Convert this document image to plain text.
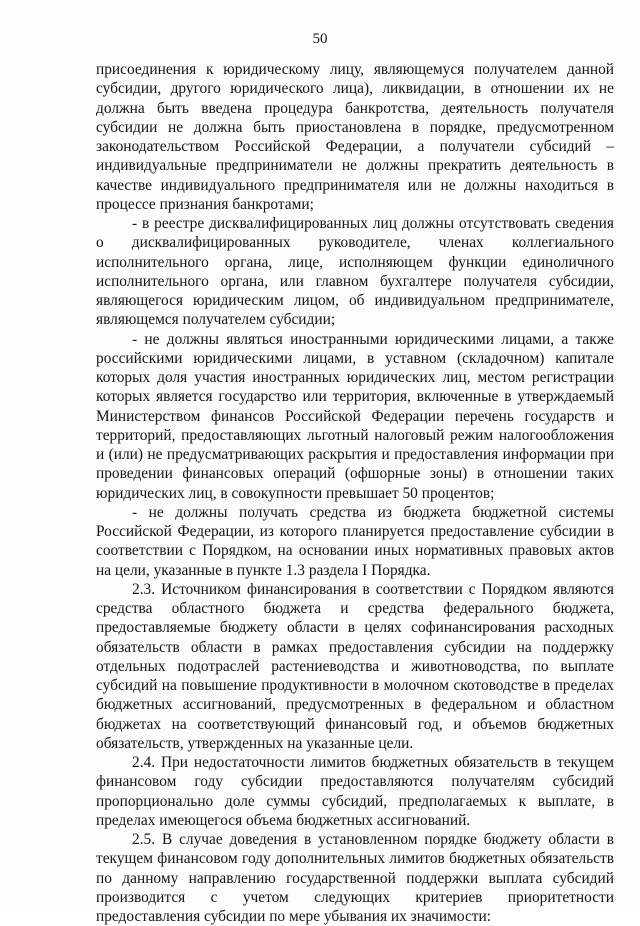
50

присоединения к юридическому лицу, являющемуся получателем данной субсидии, другого юридического лица), ликвидации, в отношении их не должна быть введена процедура банкротства, деятельность получателя субсидии не должна быть приостановлена в порядке, предусмотренном законодательством Российской Федерации, а получатели субсидий – индивидуальные предприниматели не должны прекратить деятельность в качестве индивидуального предпринимателя или не должны находиться в процессе признания банкротами;

- в реестре дисквалифицированных лиц должны отсутствовать сведения о дисквалифицированных руководителе, членах коллегиального исполнительного органа, лице, исполняющем функции единоличного исполнительного органа, или главном бухгалтере получателя субсидии, являющегося юридическим лицом, об индивидуальном предпринимателе, являющемся получателем субсидии;

- не должны являться иностранными юридическими лицами, а также российскими юридическими лицами, в уставном (складочном) капитале которых доля участия иностранных юридических лиц, местом регистрации которых является государство или территория, включенные в утверждаемый Министерством финансов Российской Федерации перечень государств и территорий, предоставляющих льготный налоговый режим налогообложения и (или) не предусматривающих раскрытия и предоставления информации при проведении финансовых операций (офшорные зоны) в отношении таких юридических лиц, в совокупности превышает 50 процентов;

- не должны получать средства из бюджета бюджетной системы Российской Федерации, из которого планируется предоставление субсидии в соответствии с Порядком, на основании иных нормативных правовых актов на цели, указанные в пункте 1.3 раздела I Порядка.

2.3. Источником финансирования в соответствии с Порядком являются средства областного бюджета и средства федерального бюджета, предоставляемые бюджету области в целях софинансирования расходных обязательств области в рамках предоставления субсидии на поддержку отдельных подотраслей растениеводства и животноводства, по выплате субсидий на повышение продуктивности в молочном скотоводстве в пределах бюджетных ассигнований, предусмотренных в федеральном и областном бюджетах на соответствующий финансовый год, и объемов бюджетных обязательств, утвержденных на указанные цели.

2.4. При недостаточности лимитов бюджетных обязательств в текущем финансовом году субсидии предоставляются получателям субсидий пропорционально доле суммы субсидий, предполагаемых к выплате, в пределах имеющегося объема бюджетных ассигнований.

2.5. В случае доведения в установленном порядке бюджету области в текущем финансовом году дополнительных лимитов бюджетных обязательств по данному направлению государственной поддержки выплата субсидий производится с учетом следующих критериев приоритетности предоставления субсидии по мере убывания их значимости:
